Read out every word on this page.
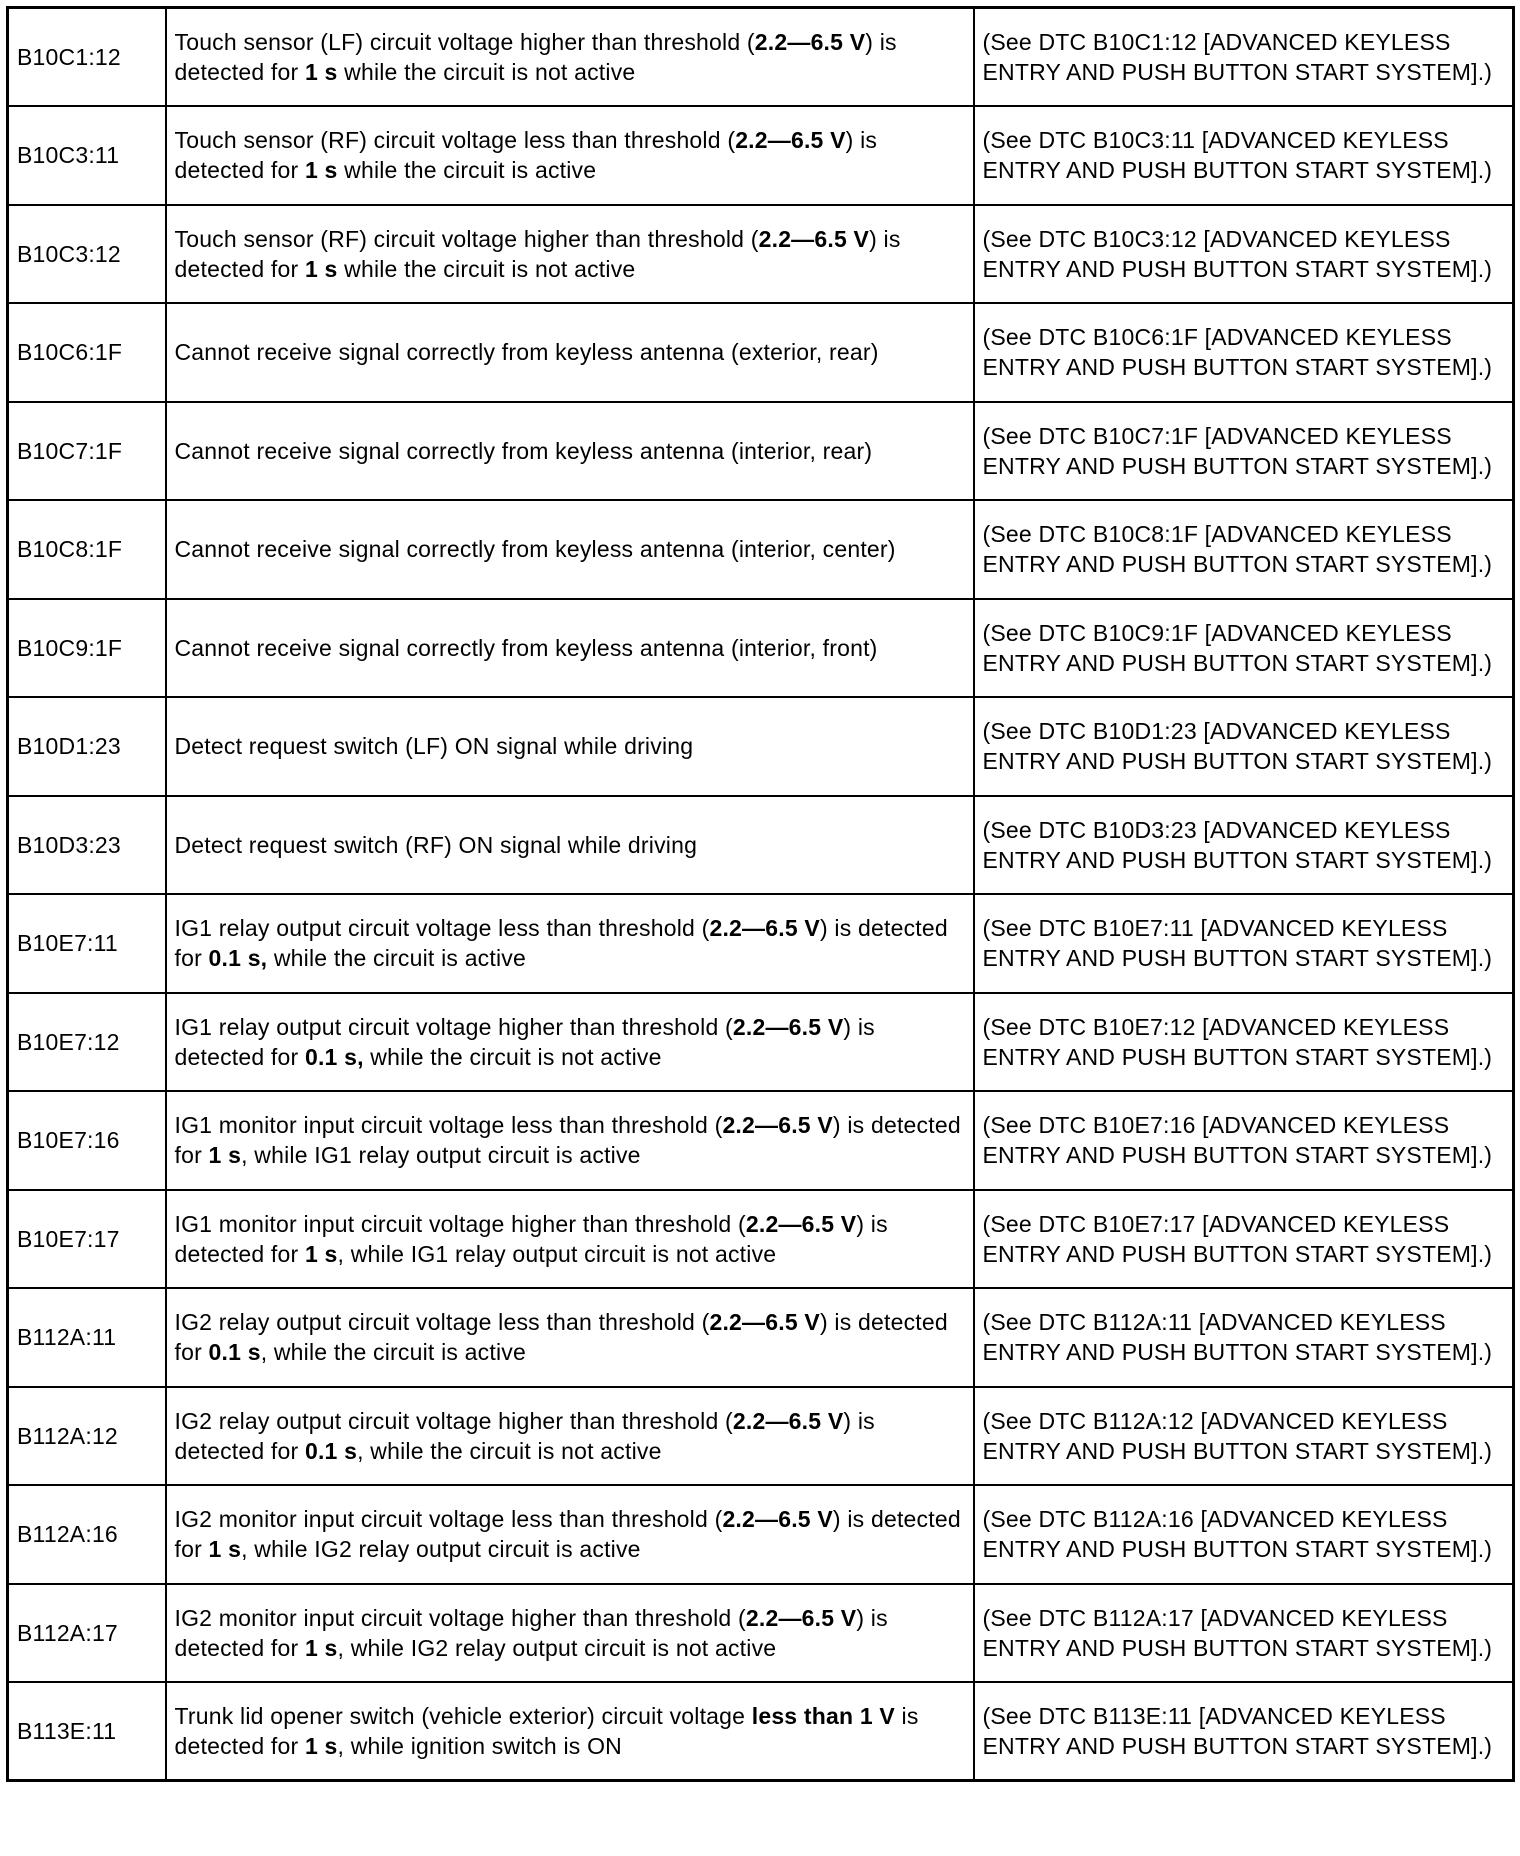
B10C1:12	Touch sensor (LF) circuit voltage higher than threshold (2.2—6.5 V) is detected for 1 s while the circuit is not active	(See DTC B10C1:12 [ADVANCED KEYLESS ENTRY AND PUSH BUTTON START SYSTEM].)
B10C3:11	Touch sensor (RF) circuit voltage less than threshold (2.2—6.5 V) is detected for 1 s while the circuit is active	(See DTC B10C3:11 [ADVANCED KEYLESS ENTRY AND PUSH BUTTON START SYSTEM].)
B10C3:12	Touch sensor (RF) circuit voltage higher than threshold (2.2—6.5 V) is detected for 1 s while the circuit is not active	(See DTC B10C3:12 [ADVANCED KEYLESS ENTRY AND PUSH BUTTON START SYSTEM].)
B10C6:1F	Cannot receive signal correctly from keyless antenna (exterior, rear)	(See DTC B10C6:1F [ADVANCED KEYLESS ENTRY AND PUSH BUTTON START SYSTEM].)
B10C7:1F	Cannot receive signal correctly from keyless antenna (interior, rear)	(See DTC B10C7:1F [ADVANCED KEYLESS ENTRY AND PUSH BUTTON START SYSTEM].)
B10C8:1F	Cannot receive signal correctly from keyless antenna (interior, center)	(See DTC B10C8:1F [ADVANCED KEYLESS ENTRY AND PUSH BUTTON START SYSTEM].)
B10C9:1F	Cannot receive signal correctly from keyless antenna (interior, front)	(See DTC B10C9:1F [ADVANCED KEYLESS ENTRY AND PUSH BUTTON START SYSTEM].)
B10D1:23	Detect request switch (LF) ON signal while driving	(See DTC B10D1:23 [ADVANCED KEYLESS ENTRY AND PUSH BUTTON START SYSTEM].)
B10D3:23	Detect request switch (RF) ON signal while driving	(See DTC B10D3:23 [ADVANCED KEYLESS ENTRY AND PUSH BUTTON START SYSTEM].)
B10E7:11	IG1 relay output circuit voltage less than threshold (2.2—6.5 V) is detected for 0.1 s, while the circuit is active	(See DTC B10E7:11 [ADVANCED KEYLESS ENTRY AND PUSH BUTTON START SYSTEM].)
B10E7:12	IG1 relay output circuit voltage higher than threshold (2.2—6.5 V) is detected for 0.1 s, while the circuit is not active	(See DTC B10E7:12 [ADVANCED KEYLESS ENTRY AND PUSH BUTTON START SYSTEM].)
B10E7:16	IG1 monitor input circuit voltage less than threshold (2.2—6.5 V) is detected for 1 s, while IG1 relay output circuit is active	(See DTC B10E7:16 [ADVANCED KEYLESS ENTRY AND PUSH BUTTON START SYSTEM].)
B10E7:17	IG1 monitor input circuit voltage higher than threshold (2.2—6.5 V) is detected for 1 s, while IG1 relay output circuit is not active	(See DTC B10E7:17 [ADVANCED KEYLESS ENTRY AND PUSH BUTTON START SYSTEM].)
B112A:11	IG2 relay output circuit voltage less than threshold (2.2—6.5 V) is detected for 0.1 s, while the circuit is active	(See DTC B112A:11 [ADVANCED KEYLESS ENTRY AND PUSH BUTTON START SYSTEM].)
B112A:12	IG2 relay output circuit voltage higher than threshold (2.2—6.5 V) is detected for 0.1 s, while the circuit is not active	(See DTC B112A:12 [ADVANCED KEYLESS ENTRY AND PUSH BUTTON START SYSTEM].)
B112A:16	IG2 monitor input circuit voltage less than threshold (2.2—6.5 V) is detected for 1 s, while IG2 relay output circuit is active	(See DTC B112A:16 [ADVANCED KEYLESS ENTRY AND PUSH BUTTON START SYSTEM].)
B112A:17	IG2 monitor input circuit voltage higher than threshold (2.2—6.5 V) is detected for 1 s, while IG2 relay output circuit is not active	(See DTC B112A:17 [ADVANCED KEYLESS ENTRY AND PUSH BUTTON START SYSTEM].)
B113E:11	Trunk lid opener switch (vehicle exterior) circuit voltage less than 1 V is detected for 1 s, while ignition switch is ON	(See DTC B113E:11 [ADVANCED KEYLESS ENTRY AND PUSH BUTTON START SYSTEM].)
